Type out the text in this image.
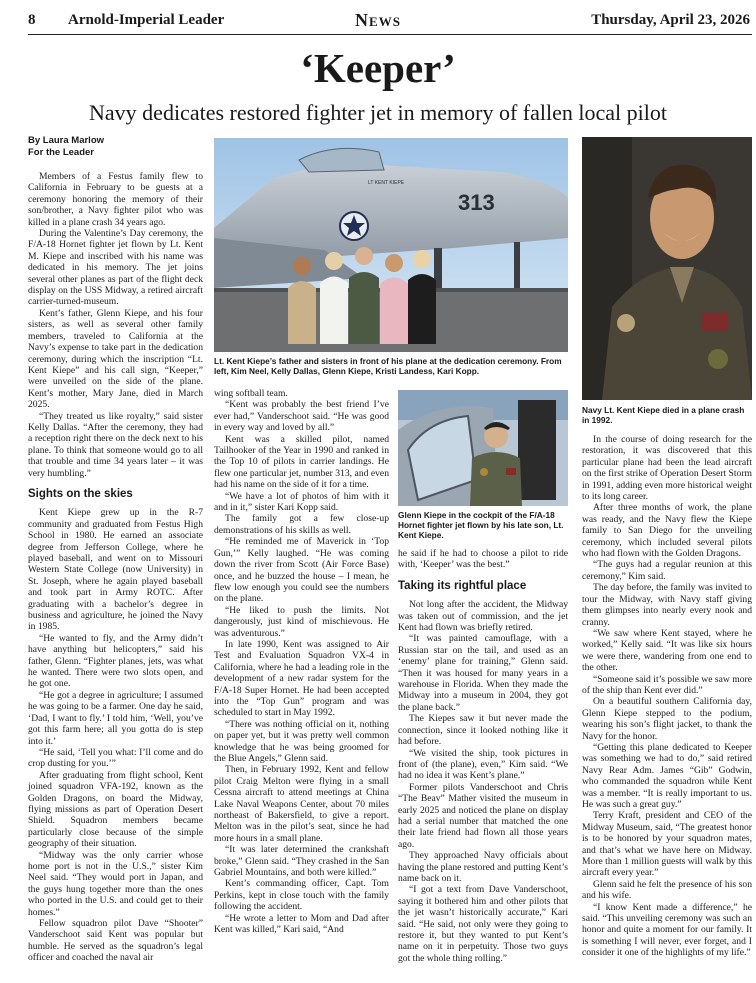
8 Arnold-Imperial Leader	News	Thursday, April 23, 2026
‘Keeper’
Navy dedicates restored fighter jet in memory of fallen local pilot
By Laura Marlow
For the Leader

Members of a Festus family flew to California in February to be guests at a ceremony honoring the memory of their son/brother, a Navy fighter pilot who was killed in a plane crash 34 years ago.

During the Valentine’s Day ceremony, the F/A-18 Hornet fighter jet flown by Lt. Kent M. Kiepe and inscribed with his name was dedicated in his memory. The jet joins several other planes as part of the flight deck display on the USS Midway, a retired aircraft carrier-turned-museum.

Kent’s father, Glenn Kiepe, and his four sisters, as well as several other family members, traveled to California at the Navy’s expense to take part in the dedication ceremony, during which the inscription “Lt. Kent Kiepe” and his call sign, “Keeper,” were unveiled on the side of the plane. Kent’s mother, Mary Jane, died in March 2025.

“They treated us like royalty,” said sister Kelly Dallas. “After the ceremony, they had a reception right there on the deck next to his plane. To think that someone would go to all that trouble and time 34 years later – it was very humbling.”

Sights on the skies

Kent Kiepe grew up in the R-7 community and graduated from Festus High School in 1980. He earned an associate degree from Jefferson College, where he played baseball, and went on to Missouri Western State College (now University) in St. Joseph, where he again played baseball and took part in Army ROTC. After graduating with a bachelor’s degree in business and agriculture, he joined the Navy in 1985.

“He wanted to fly, and the Army didn’t have anything but helicopters,” said his father, Glenn. “Fighter planes, jets, was what he wanted. There were two slots open, and he got one.

“He got a degree in agriculture; I assumed he was going to be a farmer. One day he said, ‘Dad, I want to fly.’ I told him, ‘Well, you’ve got this farm here; all you gotta do is step into it.’

“He said, ‘Tell you what: I’ll come and do crop dusting for you.’”

After graduating from flight school, Kent joined squadron VFA-192, known as the Golden Dragons, on board the Midway, flying missions as part of Operation Desert Shield. Squadron members became particularly close because of the simple geography of their situation.

“Midway was the only carrier whose home port is not in the U.S.,” sister Kim Neel said. “They would port in Japan, and the guys hung together more than the ones who ported in the U.S. and could get to their homes.”

Fellow squadron pilot Dave “Shooter” Vanderschoot said Kent was popular but humble. He served as the squadron’s legal officer and coached the naval air

313
LT KENT KIEPE
Lt. Kent Kiepe’s father and sisters in front of his plane at the dedication ceremony. From left, Kim Neel, Kelly Dallas, Glenn Kiepe, Kristi Landess, Kari Kopp.
Navy Lt. Kent Kiepe died in a plane crash in 1992.

wing softball team.

“Kent was probably the best friend I’ve ever had,” Vanderschoot said. “He was good in every way and loved by all.”

Kent was a skilled pilot, named Tailhooker of the Year in 1990 and ranked in the Top 10 of pilots in carrier landings. He flew one particular jet, number 313, and even had his name on the side of it for a time.

“We have a lot of photos of him with it and in it,” sister Kari Kopp said.

The family got a few close-up demonstrations of his skills as well.

“He reminded me of Maverick in ‘Top Gun,’” Kelly laughed. “He was coming down the river from Scott (Air Force Base) once, and he buzzed the house – I mean, he flew low enough you could see the numbers on the plane.

“He liked to push the limits. Not dangerously, just kind of mischievous. He was adventurous.”

In late 1990, Kent was assigned to Air Test and Evaluation Squadron VX-4 in California, where he had a leading role in the development of a new radar system for the F/A-18 Super Hornet. He had been accepted into the “Top Gun” program and was scheduled to start in May 1992.

“There was nothing official on it, nothing on paper yet, but it was pretty well common knowledge that he was being groomed for the Blue Angels,” Glenn said.

Then, in February 1992, Kent and fellow pilot Craig Melton were flying in a small Cessna aircraft to attend meetings at China Lake Naval Weapons Center, about 70 miles northeast of Bakersfield, to give a report. Melton was in the pilot’s seat, since he had more hours in a small plane.

“It was later determined the crankshaft broke,” Glenn said. “They crashed in the San Gabriel Mountains, and both were killed.”

Kent’s commanding officer, Capt. Tom Perkins, kept in close touch with the family following the accident.

“He wrote a letter to Mom and Dad after Kent was killed,” Kari said, “And

Glenn Kiepe in the cockpit of the F/A-18 Hornet fighter jet flown by his late son, Lt. Kent Kiepe.

he said if he had to choose a pilot to ride with, ‘Keeper’ was the best.”

Taking its rightful place

Not long after the accident, the Midway was taken out of commission, and the jet Kent had flown was briefly retired.

“It was painted camouflage, with a Russian star on the tail, and used as an ‘enemy’ plane for training,” Glenn said. “Then it was housed for many years in a warehouse in Florida. When they made the Midway into a museum in 2004, they got the plane back.”

The Kiepes saw it but never made the connection, since it looked nothing like it had before.

“We visited the ship, took pictures in front of (the plane), even,” Kim said. “We had no idea it was Kent’s plane.”

Former pilots Vanderschoot and Chris “The Beav” Mather visited the museum in early 2025 and noticed the plane on display had a serial number that matched the one their late friend had flown all those years ago.

They approached Navy officials about having the plane restored and putting Kent’s name back on it.

“I got a text from Dave Vanderschoot, saying it bothered him and other pilots that the jet wasn’t historically accurate,” Kari said. “He said, not only were they going to restore it, but they wanted to put Kent’s name on it in perpetuity. Those two guys got the whole thing rolling.”

In the course of doing research for the restoration, it was discovered that this particular plane had been the lead aircraft on the first strike of Operation Desert Storm in 1991, adding even more historical weight to its long career.

After three months of work, the plane was ready, and the Navy flew the Kiepe family to San Diego for the unveiling ceremony, which included several pilots who had flown with the Golden Dragons.

“The guys had a regular reunion at this ceremony,” Kim said.

The day before, the family was invited to tour the Midway, with Navy staff giving them glimpses into nearly every nook and cranny.

“We saw where Kent stayed, where he worked,” Kelly said. “It was like six hours we were there, wandering from one end to the other.

“Someone said it’s possible we saw more of the ship than Kent ever did.”

On a beautiful southern California day, Glenn Kiepe stepped to the podium, wearing his son’s flight jacket, to thank the Navy for the honor.

“Getting this plane dedicated to Keeper was something we had to do,” said retired Navy Rear Adm. James “Gib” Godwin, who commanded the squadron while Kent was a member. “It is really important to us. He was such a great guy.”

Terry Kraft, president and CEO of the Midway Museum, said, “The greatest honor is to be honored by your squadron mates, and that’s what we have here on Midway. More than 1 million guests will walk by this aircraft every year.”

Glenn said he felt the presence of his son and his wife.

“I know Kent made a difference,” he said. “This unveiling ceremony was such an honor and quite a moment for our family. It is something I will never, ever forget, and I consider it one of the highlights of my life.”
